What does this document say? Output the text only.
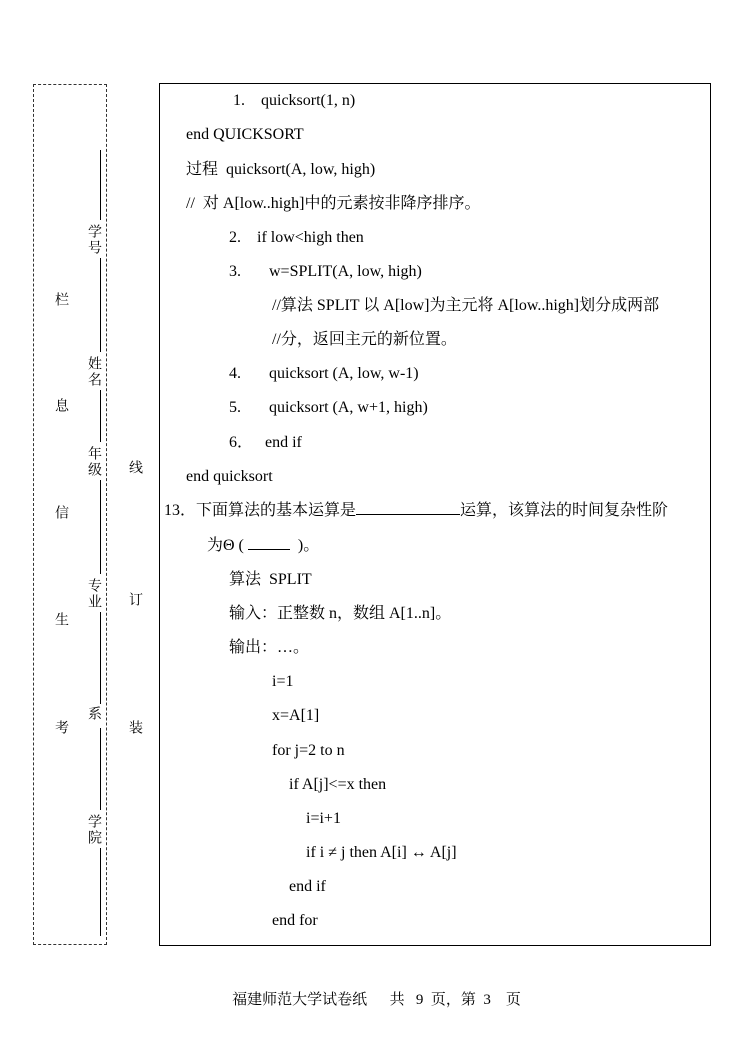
考
生
信
息
栏
学院
系
专业
年级
姓名
学号
装
订
线
1.    quicksort(1, n)
end QUICKSORT
过程  quicksort(A, low, high)
//  对 A[low..high]中的元素按非降序排序。
2.    if low<high then
3.       w=SPLIT(A, low, high)
//算法 SPLIT 以 A[low]为主元将 A[low..high]划分成两部
//分，返回主元的新位置。
4.       quicksort (A, low, w-1)
5.       quicksort (A, w+1, high)
6．   end if
end quicksort
13．下面算法的基本运算是	运算，该算法的时间复杂性阶
为Θ (	)。
算法  SPLIT
输入：正整数 n，数组 A[1..n]。
输出：…。
i=1
x=A[1]
for j=2 to n
if A[j]<=x then
i=i+1
if i ≠ j then A[i] ↔ A[j]
end if
end for
福建师范大学试卷纸      共   9  页，第  3    页
